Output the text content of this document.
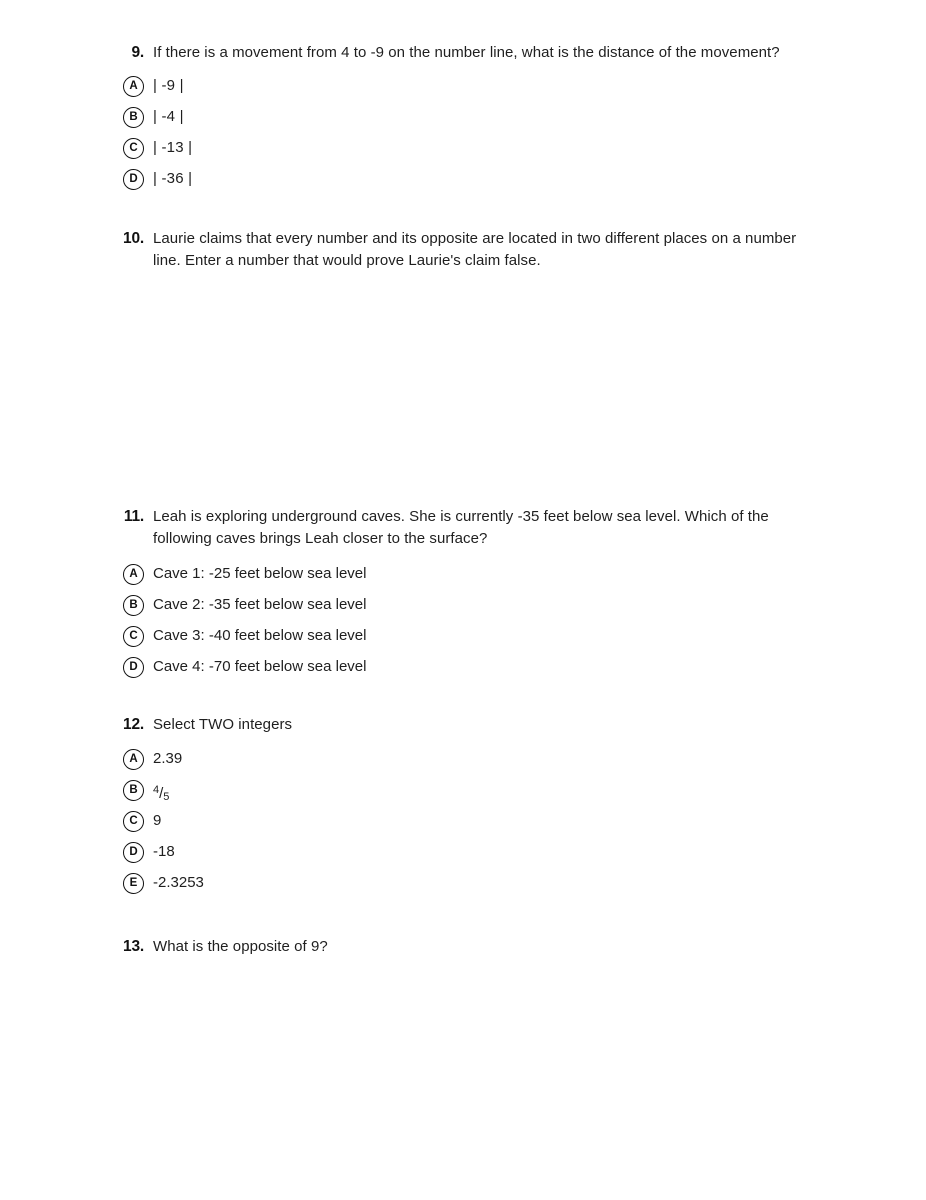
9. If there is a movement from 4 to -9 on the number line, what is the distance of the movement?
A	| -9 |
B	| -4 |
C	| -13 |
D	| -36 |
10. Laurie claims that every number and its opposite are located in two different places on a number line. Enter a number that would prove Laurie's claim false.
11. Leah is exploring underground caves. She is currently -35 feet below sea level. Which of the following caves brings Leah closer to the surface?
A	Cave 1: -25 feet below sea level
B	Cave 2: -35 feet below sea level
C	Cave 3: -40 feet below sea level
D	Cave 4: -70 feet below sea level
12. Select TWO integers
A	2.39
B	$^4/_5$
C	9
D	-18
E	-2.3253
13. What is the opposite of 9?
